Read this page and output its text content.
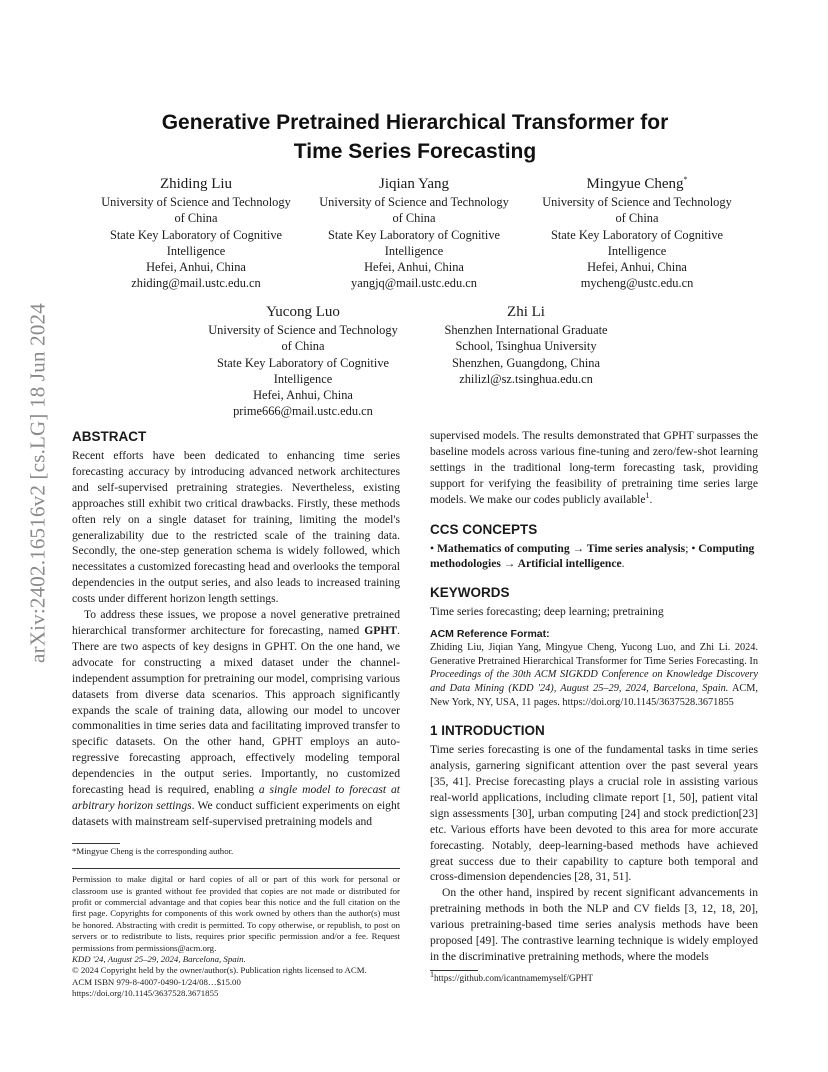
arXiv:2402.16516v2 [cs.LG] 18 Jun 2024
Generative Pretrained Hierarchical Transformer for
Time Series Forecasting
Zhiding Liu
University of Science and Technology
of China
State Key Laboratory of Cognitive
Intelligence
Hefei, Anhui, China
zhiding@mail.ustc.edu.cn
Jiqian Yang
University of Science and Technology
of China
State Key Laboratory of Cognitive
Intelligence
Hefei, Anhui, China
yangjq@mail.ustc.edu.cn
Mingyue Cheng*
University of Science and Technology
of China
State Key Laboratory of Cognitive
Intelligence
Hefei, Anhui, China
mycheng@ustc.edu.cn
Yucong Luo
University of Science and Technology
of China
State Key Laboratory of Cognitive
Intelligence
Hefei, Anhui, China
prime666@mail.ustc.edu.cn
Zhi Li
Shenzhen International Graduate
School, Tsinghua University
Shenzhen, Guangdong, China
zhilizl@sz.tsinghua.edu.cn
ABSTRACT

Recent efforts have been dedicated to enhancing time series forecasting accuracy by introducing advanced network architectures and self-supervised pretraining strategies. Nevertheless, existing approaches still exhibit two critical drawbacks. Firstly, these methods often rely on a single dataset for training, limiting the model's generalizability due to the restricted scale of the training data. Secondly, the one-step generation schema is widely followed, which necessitates a customized forecasting head and overlooks the temporal dependencies in the output series, and also leads to increased training costs under different horizon length settings.

To address these issues, we propose a novel generative pretrained hierarchical transformer architecture for forecasting, named GPHT. There are two aspects of key designs in GPHT. On the one hand, we advocate for constructing a mixed dataset under the channel-independent assumption for pretraining our model, comprising various datasets from diverse data scenarios. This approach significantly expands the scale of training data, allowing our model to uncover commonalities in time series data and facilitating improved transfer to specific datasets. On the other hand, GPHT employs an auto-regressive forecasting approach, effectively modeling temporal dependencies in the output series. Importantly, no customized forecasting head is required, enabling a single model to forecast at arbitrary horizon settings. We conduct sufficient experiments on eight datasets with mainstream self-supervised pretraining models and

*Mingyue Cheng is the corresponding author.
Permission to make digital or hard copies of all or part of this work for personal or classroom use is granted without fee provided that copies are not made or distributed for profit or commercial advantage and that copies bear this notice and the full citation on the first page. Copyrights for components of this work owned by others than the author(s) must be honored. Abstracting with credit is permitted. To copy otherwise, or republish, to post on servers or to redistribute to lists, requires prior specific permission and/or a fee. Request permissions from permissions@acm.org.
KDD '24, August 25–29, 2024, Barcelona, Spain.
© 2024 Copyright held by the owner/author(s). Publication rights licensed to ACM.
ACM ISBN 979-8-4007-0490-1/24/08…$15.00
https://doi.org/10.1145/3637528.3671855

supervised models. The results demonstrated that GPHT surpasses the baseline models across various fine-tuning and zero/few-shot learning settings in the traditional long-term forecasting task, providing support for verifying the feasibility of pretraining time series large models. We make our codes publicly available$^1$.

CCS CONCEPTS

• Mathematics of computing → Time series analysis; • Computing methodologies → Artificial intelligence.

KEYWORDS

Time series forecasting; deep learning; pretraining

ACM Reference Format:
Zhiding Liu, Jiqian Yang, Mingyue Cheng, Yucong Luo, and Zhi Li. 2024. Generative Pretrained Hierarchical Transformer for Time Series Forecasting. In Proceedings of the 30th ACM SIGKDD Conference on Knowledge Discovery and Data Mining (KDD '24), August 25–29, 2024, Barcelona, Spain. ACM, New York, NY, USA, 11 pages. https://doi.org/10.1145/3637528.3671855
1 INTRODUCTION

Time series forecasting is one of the fundamental tasks in time series analysis, garnering significant attention over the past several years [35, 41]. Precise forecasting plays a crucial role in assisting various real-world applications, including climate report [1, 50], patient vital sign assessments [30], urban computing [24] and stock prediction[23] etc. Various efforts have been devoted to this area for more accurate forecasting. Notably, deep-learning-based methods have achieved great success due to their capability to capture both temporal and cross-dimension dependencies [28, 31, 51].

On the other hand, inspired by recent significant advancements in pretraining methods in both the NLP and CV fields [3, 12, 18, 20], various pretraining-based time series analysis methods have been proposed [49]. The contrastive learning technique is widely employed in the discriminative pretraining methods, where the models

$^1$https://github.com/icantnamemyself/GPHT
